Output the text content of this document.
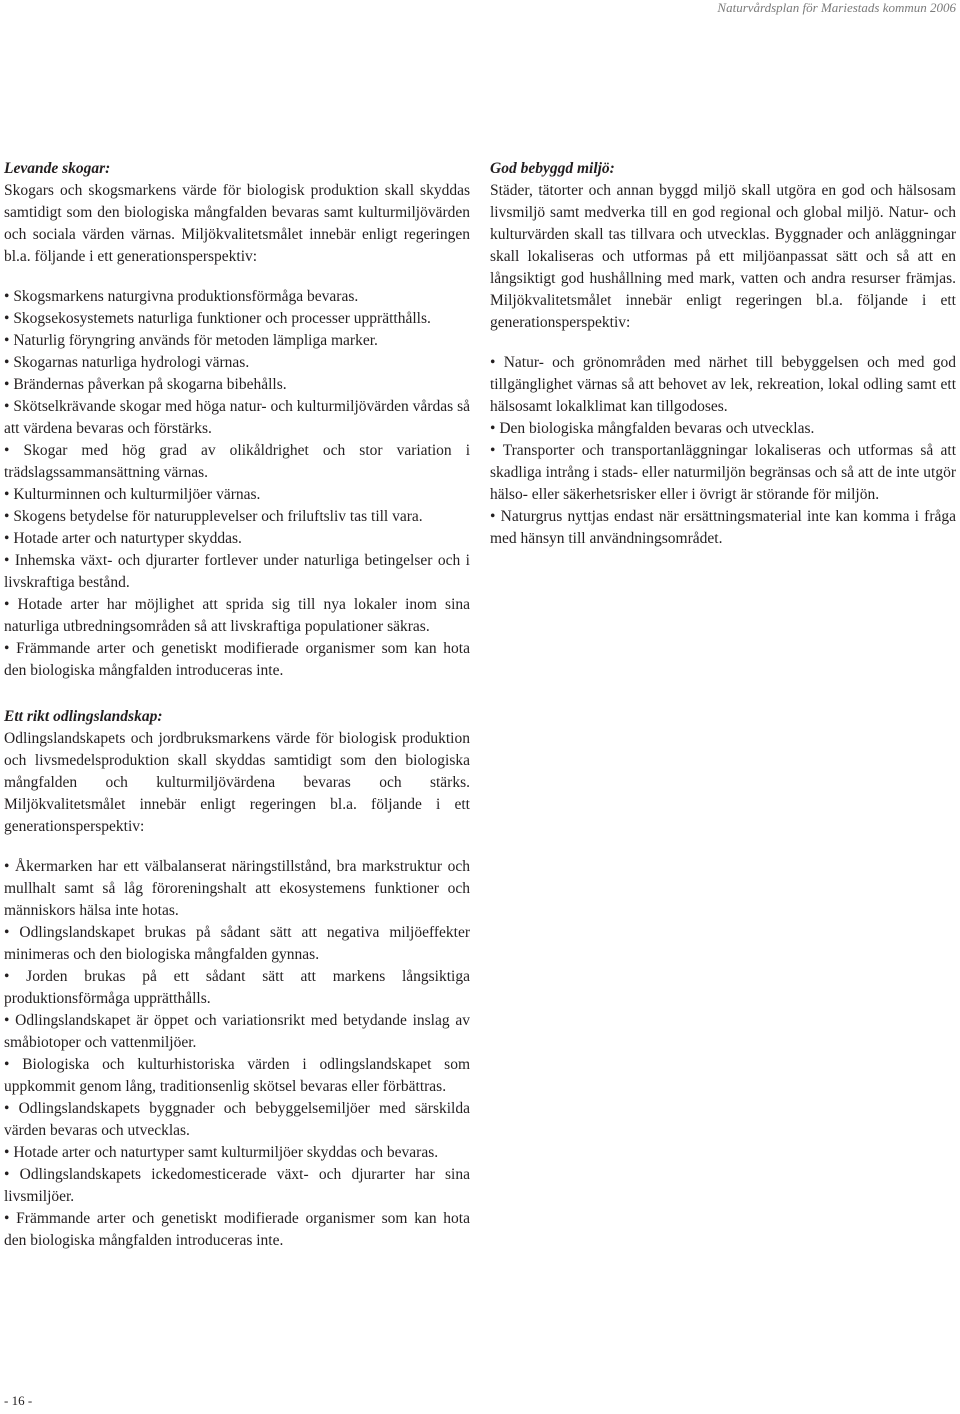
Naturvårdsplan för Mariestads kommun 2006
Levande skogar:

Skogars och skogsmarkens värde för biologisk produktion skall skyddas samtidigt som den biologiska mångfalden bevaras samt kulturmiljövärden och sociala värden värnas. Miljökvalitetsmålet innebär enligt regeringen bl.a. följande i ett generationsperspektiv:

• Skogsmarkens naturgivna produktionsförmåga bevaras.
• Skogsekosystemets naturliga funktioner och processer upprätthålls.
• Naturlig föryngring används för metoden lämpliga marker.
• Skogarnas naturliga hydrologi värnas.
• Brändernas påverkan på skogarna bibehålls.
• Skötselkrävande skogar med höga natur- och kulturmiljövärden vårdas så att värdena bevaras och förstärks.
• Skogar med hög grad av olikåldrighet och stor variation i trädslagssammansättning värnas.
• Kulturminnen och kulturmiljöer värnas.
• Skogens betydelse för naturupplevelser och friluftsliv tas till vara.
• Hotade arter och naturtyper skyddas.
• Inhemska växt- och djurarter fortlever under naturliga betingelser och i livskraftiga bestånd.
• Hotade arter har möjlighet att sprida sig till nya lokaler inom sina naturliga utbredningsområden så att livskraftiga populationer säkras.
• Främmande arter och genetiskt modifierade organismer som kan hota den biologiska mångfalden introduceras inte.
Ett rikt odlingslandskap:

Odlingslandskapets och jordbruksmarkens värde för biologisk produktion och livsmedelsproduktion skall skyddas samtidigt som den biologiska mångfalden och kulturmiljövärdena bevaras och stärks. Miljökvalitetsmålet innebär enligt regeringen bl.a. följande i ett generationsperspektiv:

• Åkermarken har ett välbalanserat näringstillstånd, bra markstruktur och mullhalt samt så låg föroreningshalt att ekosystemens funktioner och människors hälsa inte hotas.
• Odlingslandskapet brukas på sådant sätt att negativa miljöeffekter minimeras och den biologiska mångfalden gynnas.
• Jorden brukas på ett sådant sätt att markens långsiktiga produktionsförmåga upprätthålls.
• Odlingslandskapet är öppet och variationsrikt med betydande inslag av småbiotoper och vattenmiljöer.
• Biologiska och kulturhistoriska värden i odlingslandskapet som uppkommit genom lång, traditionsenlig skötsel bevaras eller förbättras.
• Odlingslandskapets byggnader och bebyggelsemiljöer med särskilda värden bevaras och utvecklas.
• Hotade arter och naturtyper samt kulturmiljöer skyddas och bevaras.
• Odlingslandskapets ickedomesticerade växt- och djurarter har sina livsmiljöer.
• Främmande arter och genetiskt modifierade organismer som kan hota den biologiska mångfalden introduceras inte.
God bebyggd miljö:

Städer, tätorter och annan byggd miljö skall utgöra en god och hälsosam livsmiljö samt medverka till en god regional och global miljö. Natur- och kulturvärden skall tas tillvara och utvecklas. Byggnader och anläggningar skall lokaliseras och utformas på ett miljöanpassat sätt och så att en långsiktigt god hushållning med mark, vatten och andra resurser främjas. Miljökvalitetsmålet innebär enligt regeringen bl.a. följande i ett generationsperspektiv:

• Natur- och grönområden med närhet till bebyggelsen och med god tillgänglighet värnas så att behovet av lek, rekreation, lokal odling samt ett hälsosamt lokalklimat kan tillgodoses.
• Den biologiska mångfalden bevaras och utvecklas.
• Transporter och transportanläggningar lokaliseras och utformas så att skadliga intrång i stads- eller naturmiljön begränsas och så att de inte utgör hälso- eller säkerhetsrisker eller i övrigt är störande för miljön.
• Naturgrus nyttjas endast när ersättningsmaterial inte kan komma i fråga med hänsyn till användningsområdet.
- 16 -
